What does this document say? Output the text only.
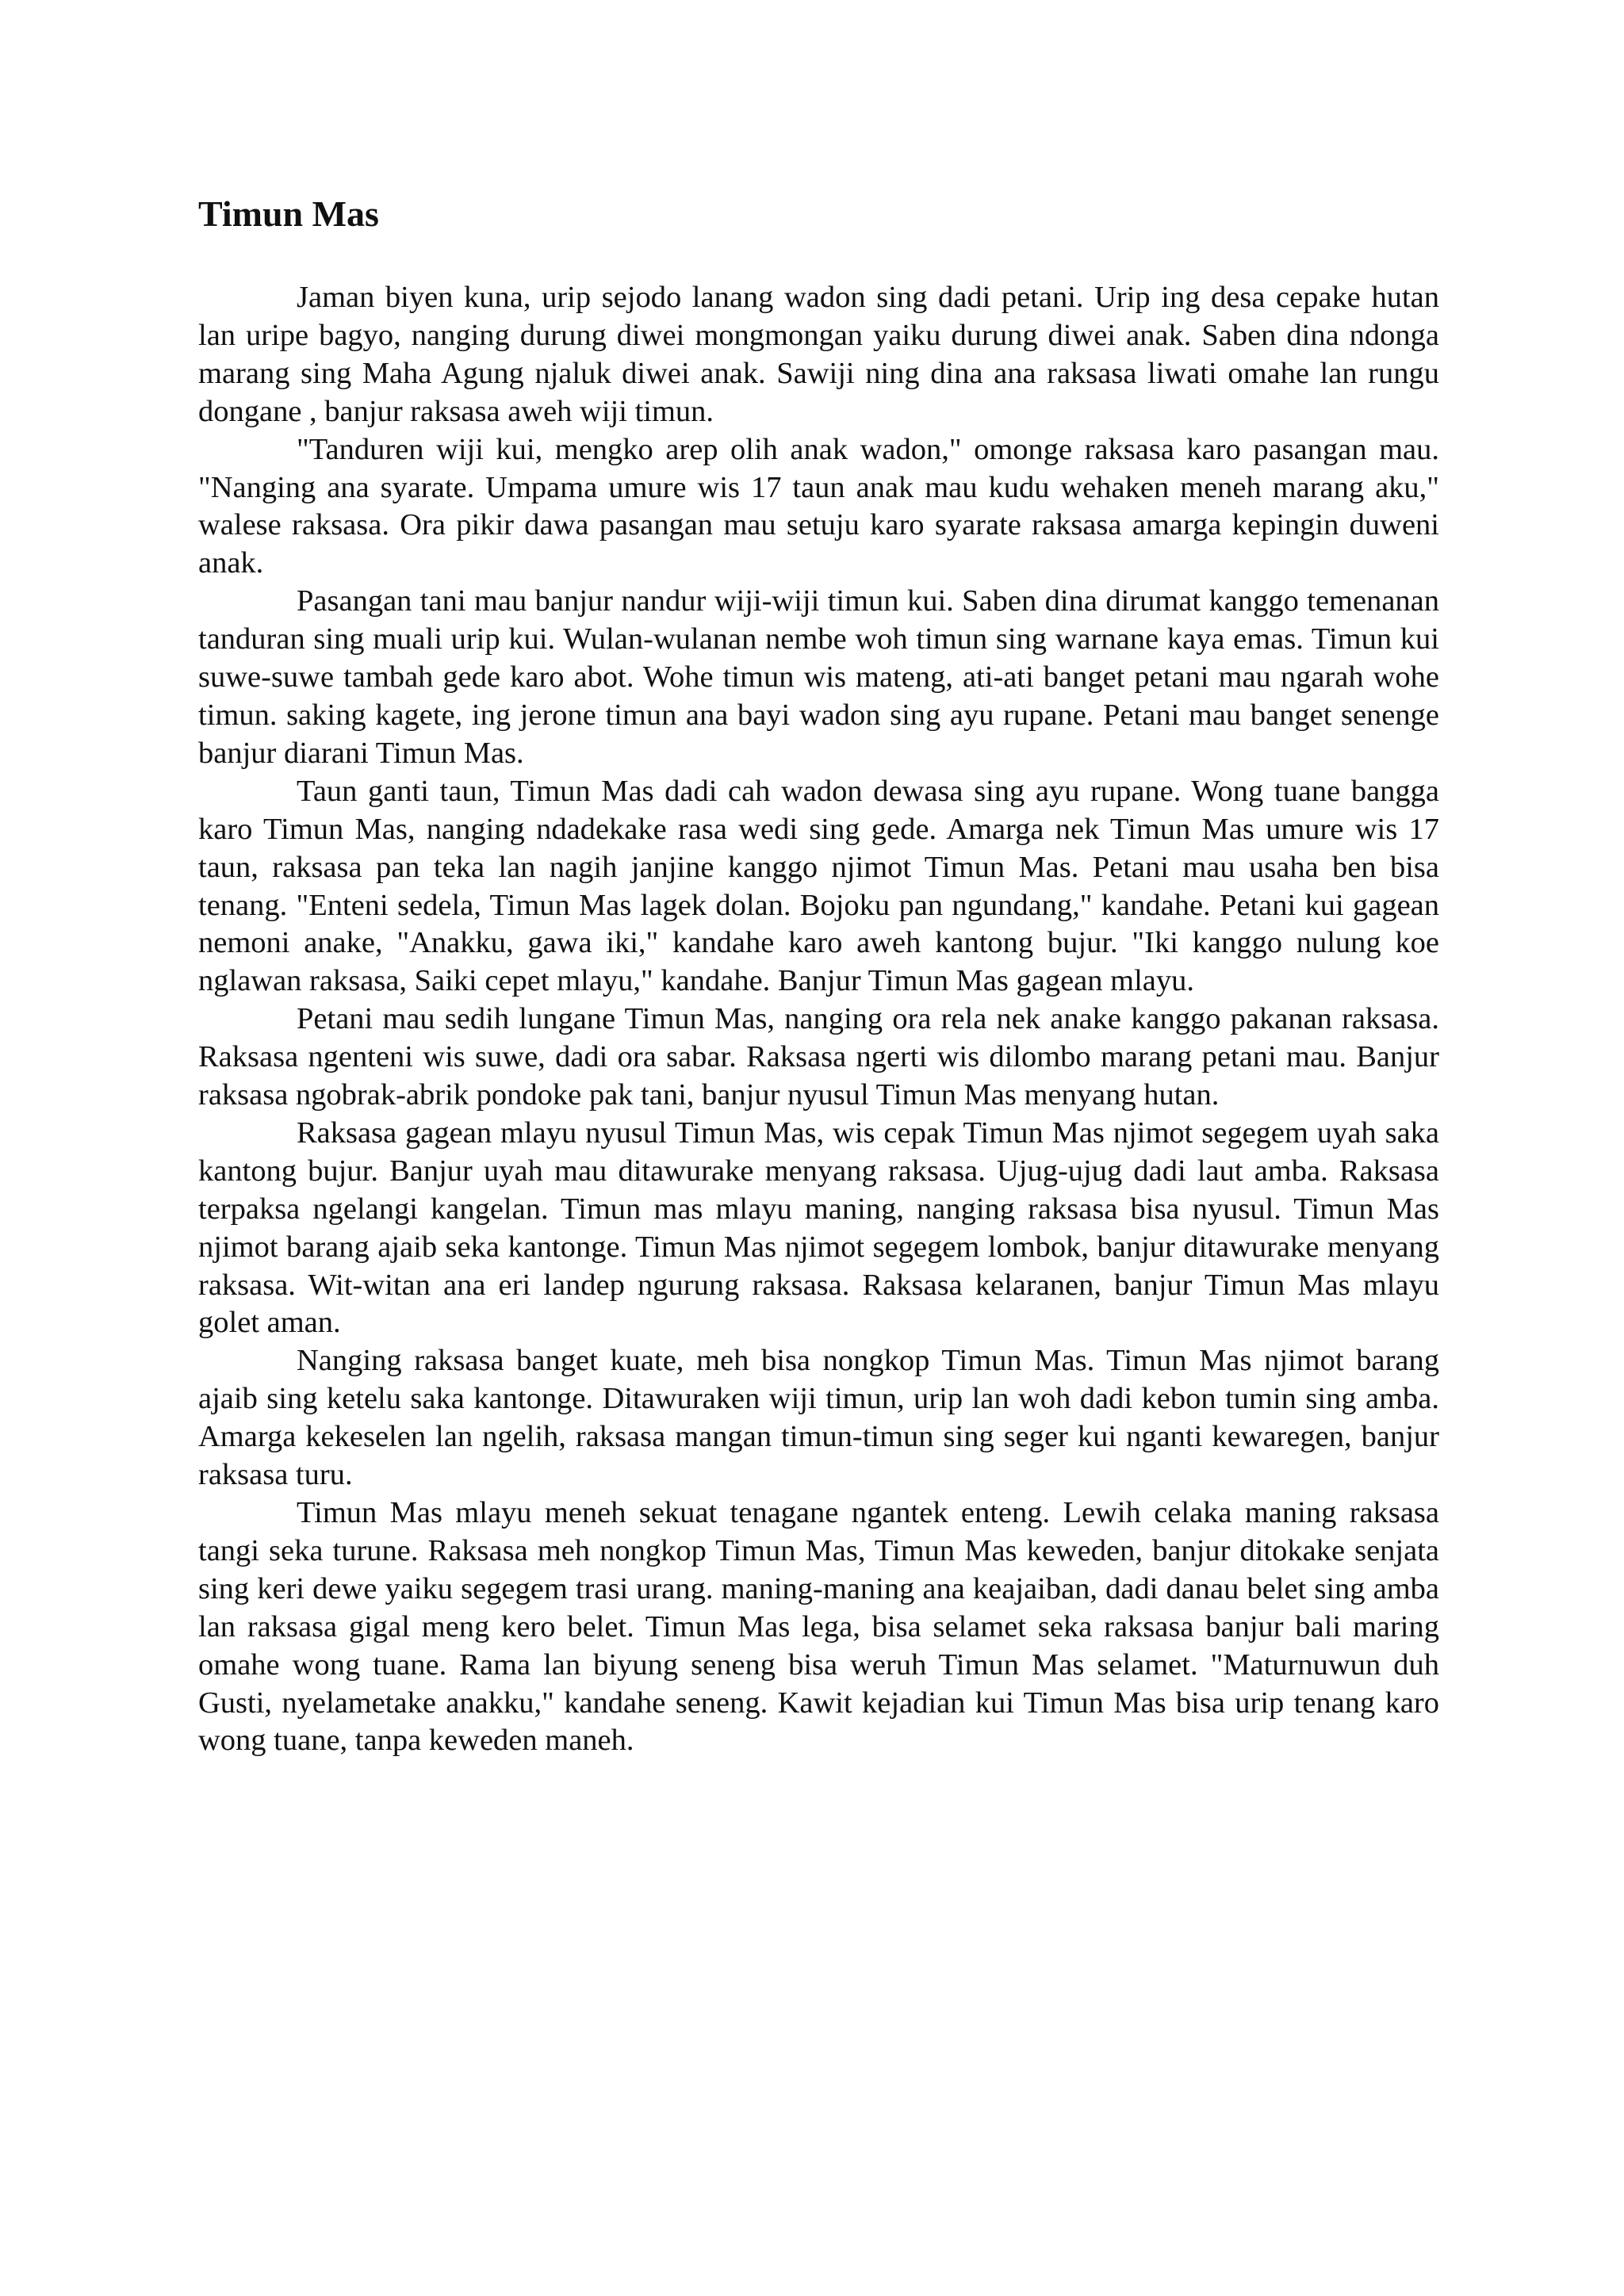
Timun Mas

Jaman biyen kuna, urip sejodo lanang wadon sing dadi petani. Urip ing desa cepake hutan lan uripe bagyo, nanging durung diwei mongmongan yaiku durung diwei anak. Saben dina ndonga marang sing Maha Agung njaluk diwei anak. Sawiji ning dina ana raksasa liwati omahe lan rungu dongane , banjur raksasa aweh wiji timun.

"Tanduren wiji kui, mengko arep olih anak wadon," omonge raksasa karo pasangan mau. "Nanging ana syarate. Umpama umure wis 17 taun anak mau kudu wehaken meneh marang aku," walese raksasa. Ora pikir dawa pasangan mau setuju karo syarate raksasa amarga kepingin duweni anak.

Pasangan tani mau banjur nandur wiji-wiji timun kui. Saben dina dirumat kanggo temenanan tanduran sing muali urip kui. Wulan-wulanan nembe woh timun sing warnane kaya emas. Timun kui suwe-suwe tambah gede karo abot. Wohe timun wis mateng, ati-ati banget petani mau ngarah wohe timun. saking kagete, ing jerone timun ana bayi wadon sing ayu rupane. Petani mau banget senenge banjur diarani Timun Mas.

Taun ganti taun, Timun Mas dadi cah wadon dewasa sing ayu rupane. Wong tuane bangga karo Timun Mas, nanging ndadekake rasa wedi sing gede. Amarga nek Timun Mas umure wis 17 taun, raksasa pan teka lan nagih janjine kanggo njimot Timun Mas. Petani mau usaha ben bisa tenang. "Enteni sedela, Timun Mas lagek dolan. Bojoku pan ngundang," kandahe. Petani kui gagean nemoni anake, "Anakku, gawa iki," kandahe karo aweh kantong bujur. "Iki kanggo nulung koe nglawan raksasa, Saiki cepet mlayu," kandahe. Banjur Timun Mas gagean mlayu.

Petani mau sedih lungane Timun Mas, nanging ora rela nek anake kanggo pakanan raksasa. Raksasa ngenteni wis suwe, dadi ora sabar. Raksasa ngerti wis dilombo marang petani mau. Banjur raksasa ngobrak-abrik pondoke pak tani, banjur nyusul Timun Mas menyang hutan.

Raksasa gagean mlayu nyusul Timun Mas, wis cepak Timun Mas njimot segegem uyah saka kantong bujur. Banjur uyah mau ditawurake menyang raksasa. Ujug-ujug dadi laut amba. Raksasa terpaksa ngelangi kangelan. Timun mas mlayu maning, nanging raksasa bisa nyusul. Timun Mas njimot barang ajaib seka kantonge. Timun Mas njimot segegem lombok, banjur ditawurake menyang raksasa. Wit-witan ana eri landep ngurung raksasa. Raksasa kelaranen, banjur Timun Mas mlayu golet aman.

Nanging raksasa banget kuate, meh bisa nongkop Timun Mas. Timun Mas njimot barang ajaib sing ketelu saka kantonge. Ditawuraken wiji timun, urip lan woh dadi kebon tumin sing amba. Amarga kekeselen lan ngelih, raksasa mangan timun-timun sing seger kui nganti kewaregen, banjur raksasa turu.

Timun Mas mlayu meneh sekuat tenagane ngantek enteng. Lewih celaka maning raksasa tangi seka turune. Raksasa meh nongkop Timun Mas, Timun Mas keweden, banjur ditokake senjata sing keri dewe yaiku segegem trasi urang. maning-maning ana keajaiban, dadi danau belet sing amba lan raksasa gigal meng kero belet. Timun Mas lega, bisa selamet seka raksasa banjur bali maring omahe wong tuane. Rama lan biyung seneng bisa weruh Timun Mas selamet. "Maturnuwun duh Gusti, nyelametake anakku," kandahe seneng. Kawit kejadian kui Timun Mas bisa urip tenang karo wong tuane, tanpa keweden maneh.
